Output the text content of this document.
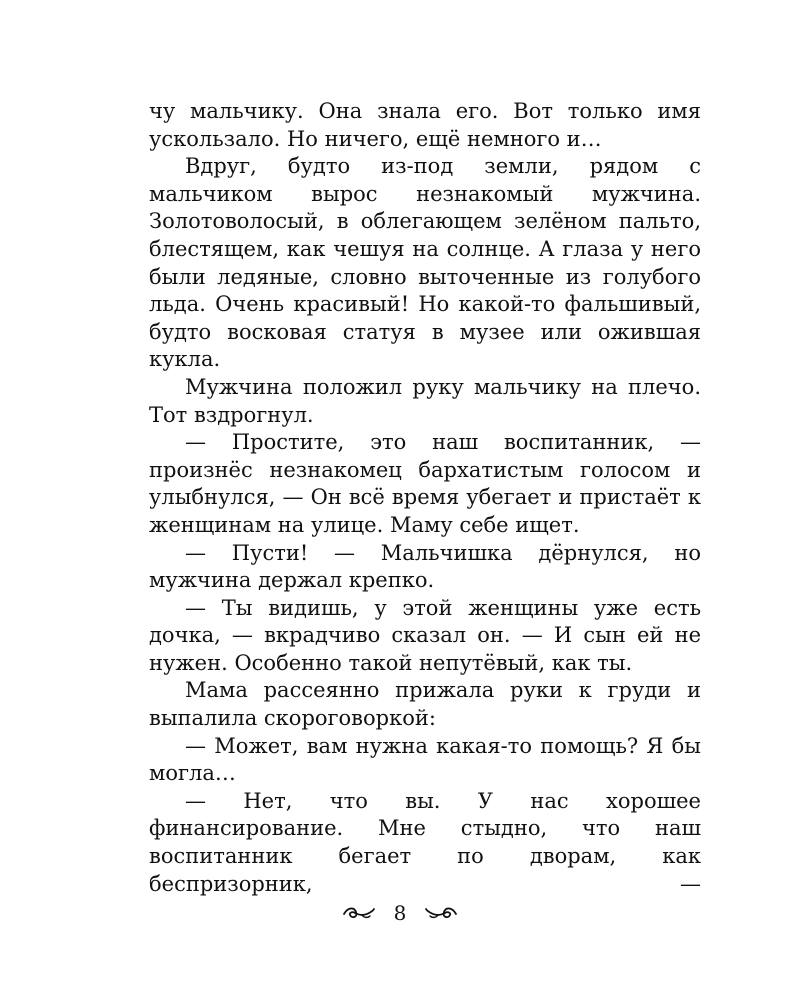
чу мальчику. Она знала его. Вот только имя ускользало. Но ничего, ещё немного и…

Вдруг, будто из-под земли, рядом с мальчиком вырос незнакомый мужчина. Золотоволосый, в облегающем зелёном пальто, блестящем, как чешуя на солнце. А глаза у него были ледяные, словно выточенные из голубого льда. Очень красивый! Но какой-то фальшивый, будто восковая статуя в музее или ожившая кукла.

Мужчина положил руку мальчику на плечо. Тот вздрогнул.

— Простите, это наш воспитанник, — произнёс незнакомец бархатистым голосом и улыбнулся, — Он всё время убегает и пристаёт к женщинам на улице. Маму себе ищет.

— Пусти! — Мальчишка дёрнулся, но мужчина держал крепко.

— Ты видишь, у этой женщины уже есть дочка, — вкрадчиво сказал он. — И сын ей не нужен. Особенно такой непутёвый, как ты.

Мама рассеянно прижала руки к груди и выпалила скороговоркой:

— Может, вам нужна какая-то помощь? Я бы могла…

— Нет, что вы. У нас хорошее финансирование. Мне стыдно, что наш воспитанник бегает по дворам, как беспризорник, —

8
